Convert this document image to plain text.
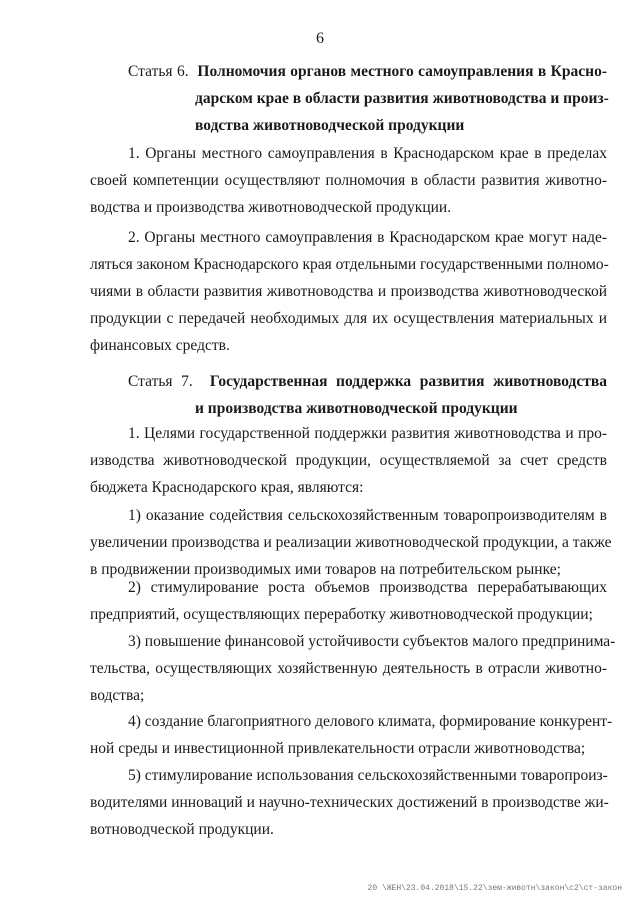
6
Статья 6. Полномочия органов местного самоуправления в Красно-
дарском крае в области развития животноводства и произ-
водства животноводческой продукции
1. Органы местного самоуправления в Краснодарском крае в пределах
своей компетенции осуществляют полномочия в области развития животно-
водства и производства животноводческой продукции.
2. Органы местного самоуправления в Краснодарском крае могут наде-
ляться законом Краснодарского края отдельными государственными полномо-
чиями в области развития животноводства и производства животноводческой
продукции с передачей необходимых для их осуществления материальных и
финансовых средств.
Статья 7. Государственная поддержка развития животноводства
и производства животноводческой продукции
1. Целями государственной поддержки развития животноводства и про-
изводства животноводческой продукции, осуществляемой за счет средств
бюджета Краснодарского края, являются:
1) оказание содействия сельскохозяйственным товаропроизводителям в
увеличении производства и реализации животноводческой продукции, а также
в продвижении производимых ими товаров на потребительском рынке;
2) стимулирование роста объемов производства перерабатывающих
предприятий, осуществляющих переработку животноводческой продукции;
3) повышение финансовой устойчивости субъектов малого предпринима-
тельства, осуществляющих хозяйственную деятельность в отрасли животно-
водства;
4) создание благоприятного делового климата, формирование конкурент-
ной среды и инвестиционной привлекательности отрасли животноводства;
5) стимулирование использования сельскохозяйственными товаропроиз-
водителями инноваций и научно-технических достижений в производстве жи-
вотноводческой продукции.
20 \ЖЕН\23.04.2018\15.22\зем-животн\закон\с2\ст-закон
